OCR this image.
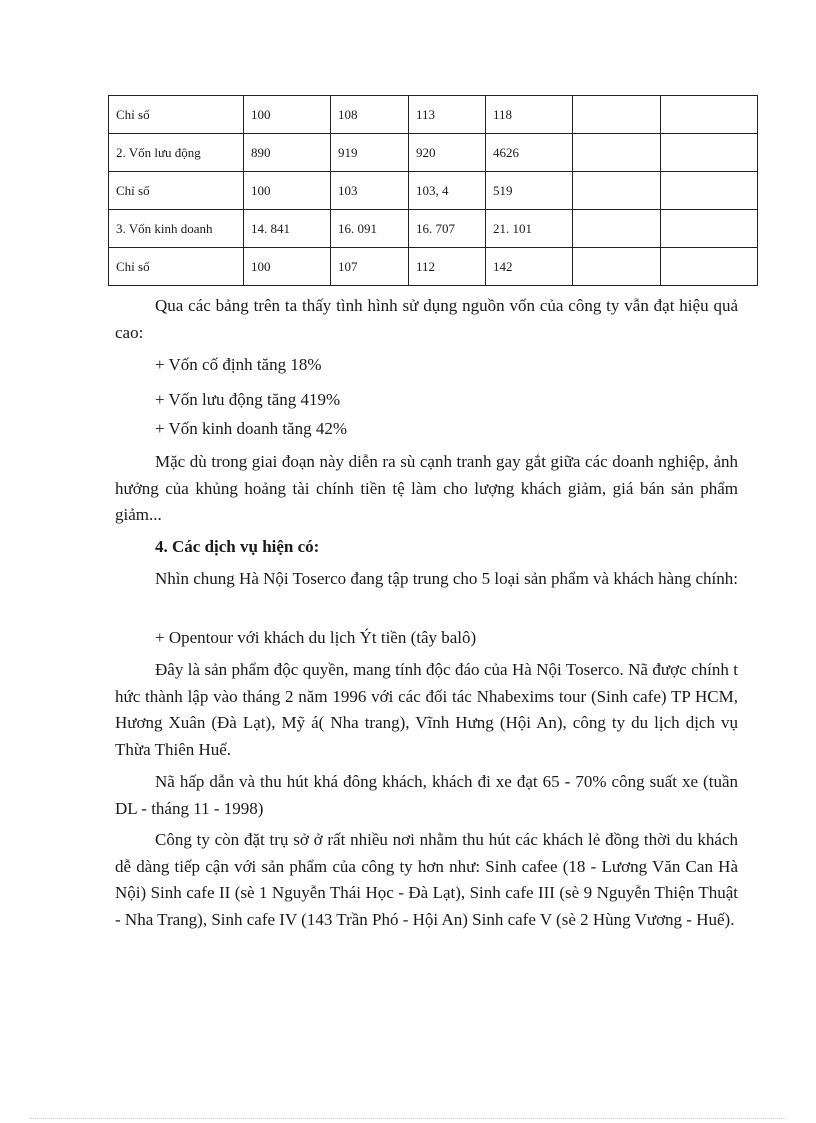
Chỉ số	100	108	113	118		
2. Vốn lưu động	890	919	920	4626		
Chỉ số	100	103	103, 4	519		
3. Vốn kinh doanh	14. 841	16. 091	16. 707	21. 101		
Chỉ số	100	107	112	142		

Qua các bảng trên ta thấy tình hình sử dụng nguồn vốn của công ty vẫn đạt hiệu quả cao:

+ Vốn cố định tăng 18%

+ Vốn lưu động tăng 419%

+ Vốn kinh doanh tăng 42%

Mặc dù trong giai đoạn này diễn ra sù cạnh tranh gay gắt giữa các doanh nghiệp, ảnh hưởng của khủng hoảng tài chính tiền tệ làm cho lượng khách giảm, giá bán sản phẩm giảm...

4. Các dịch vụ hiện có:

Nhìn chung Hà Nội Toserco đang tập trung cho 5 loại sản phẩm và khách hàng chính:

+ Opentour với khách du lịch Ýt tiền (tây balô)

Đây là sản phẩm độc quyền, mang tính độc đáo của Hà Nội Toserco. Nã được chính t hức thành lập vào tháng 2 năm 1996 với các đối tác Nhabexims tour (Sinh cafe) TP HCM, Hương Xuân (Đà Lạt), Mỹ á( Nha trang), Vĩnh Hưng (Hội An), công ty du lịch dịch vụ Thừa Thiên Huế.

Nã hấp dẫn và thu hút khá đông khách, khách đi xe đạt 65 - 70% công suất xe (tuần DL - tháng 11 - 1998)

Công ty còn đặt trụ sở ở rất nhiều nơi nhằm thu hút các khách lẻ đồng thời du khách dễ dàng tiếp cận với sản phẩm của công ty hơn như: Sinh cafee (18 - Lương Văn Can Hà Nội) Sinh cafe II (sè 1 Nguyễn Thái Học - Đà Lạt), Sinh cafe III (sè 9 Nguyễn Thiện Thuật - Nha Trang), Sinh cafe IV (143 Trần Phó - Hội An) Sinh cafe V (sè 2 Hùng Vương - Huế).
